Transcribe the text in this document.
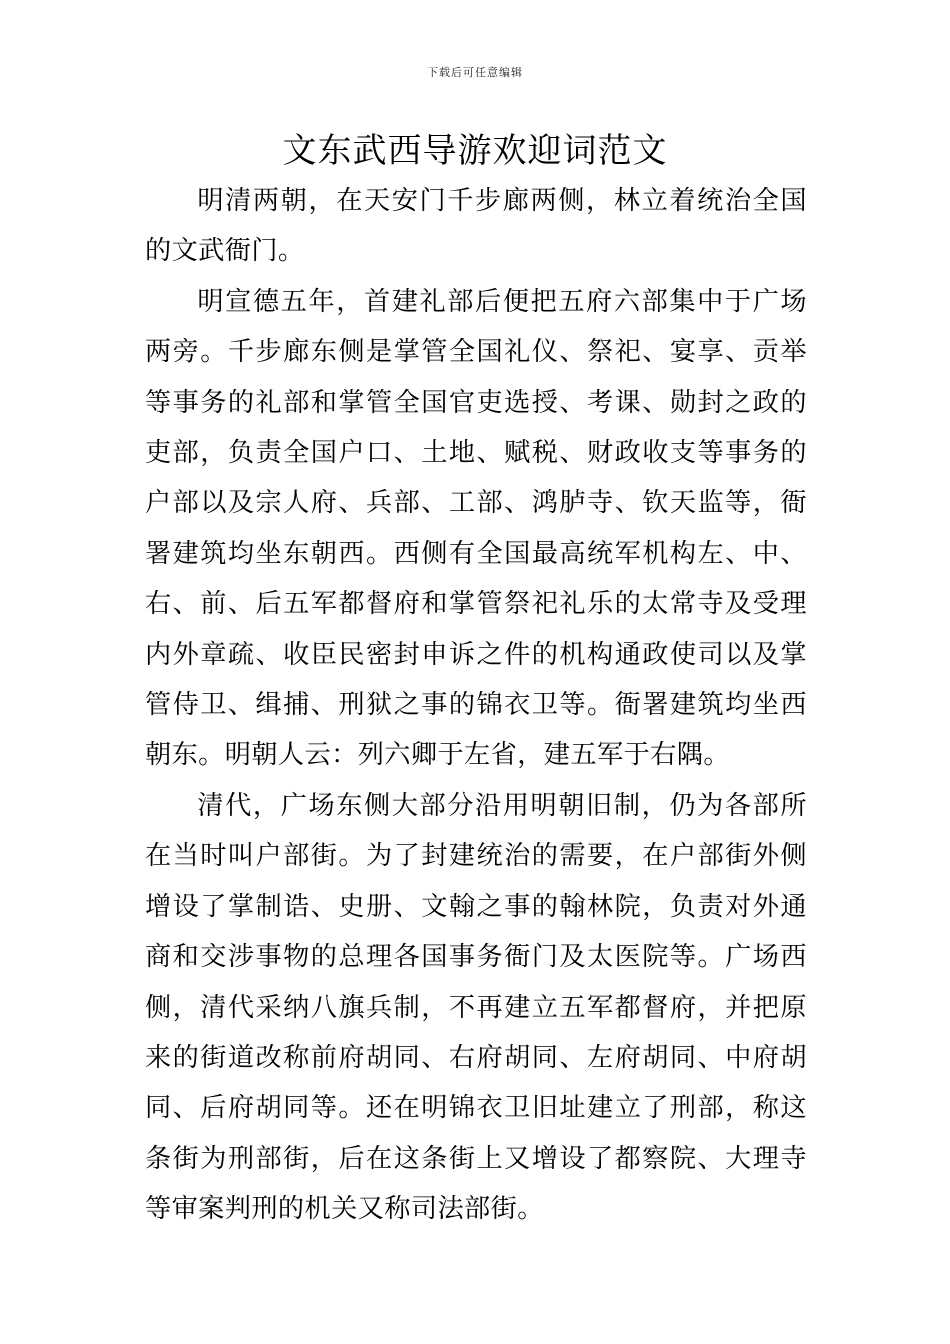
下载后可任意编辑
文东武西导游欢迎词范文

明清两朝，在天安门千步廊两侧，林立着统治全国的文武衙门。

明宣德五年，首建礼部后便把五府六部集中于广场两旁。千步廊东侧是掌管全国礼仪、祭祀、宴享、贡举等事务的礼部和掌管全国官吏选授、考课、勋封之政的吏部，负责全国户口、土地、赋税、财政收支等事务的户部以及宗人府、兵部、工部、鸿胪寺、钦天监等，衙署建筑均坐东朝西。西侧有全国最高统军机构左、中、右、前、后五军都督府和掌管祭祀礼乐的太常寺及受理内外章疏、收臣民密封申诉之件的机构通政使司以及掌管侍卫、缉捕、刑狱之事的锦衣卫等。衙署建筑均坐西朝东。明朝人云：列六卿于左省，建五军于右隅。

清代，广场东侧大部分沿用明朝旧制，仍为各部所在当时叫户部街。为了封建统治的需要，在户部街外侧增设了掌制诰、史册、文翰之事的翰林院，负责对外通商和交涉事物的总理各国事务衙门及太医院等。广场西侧，清代采纳八旗兵制，不再建立五军都督府，并把原来的街道改称前府胡同、右府胡同、左府胡同、中府胡同、后府胡同等。还在明锦衣卫旧址建立了刑部，称这条街为刑部街，后在这条街上又增设了都察院、大理寺等审案判刑的机关又称司法部街。
